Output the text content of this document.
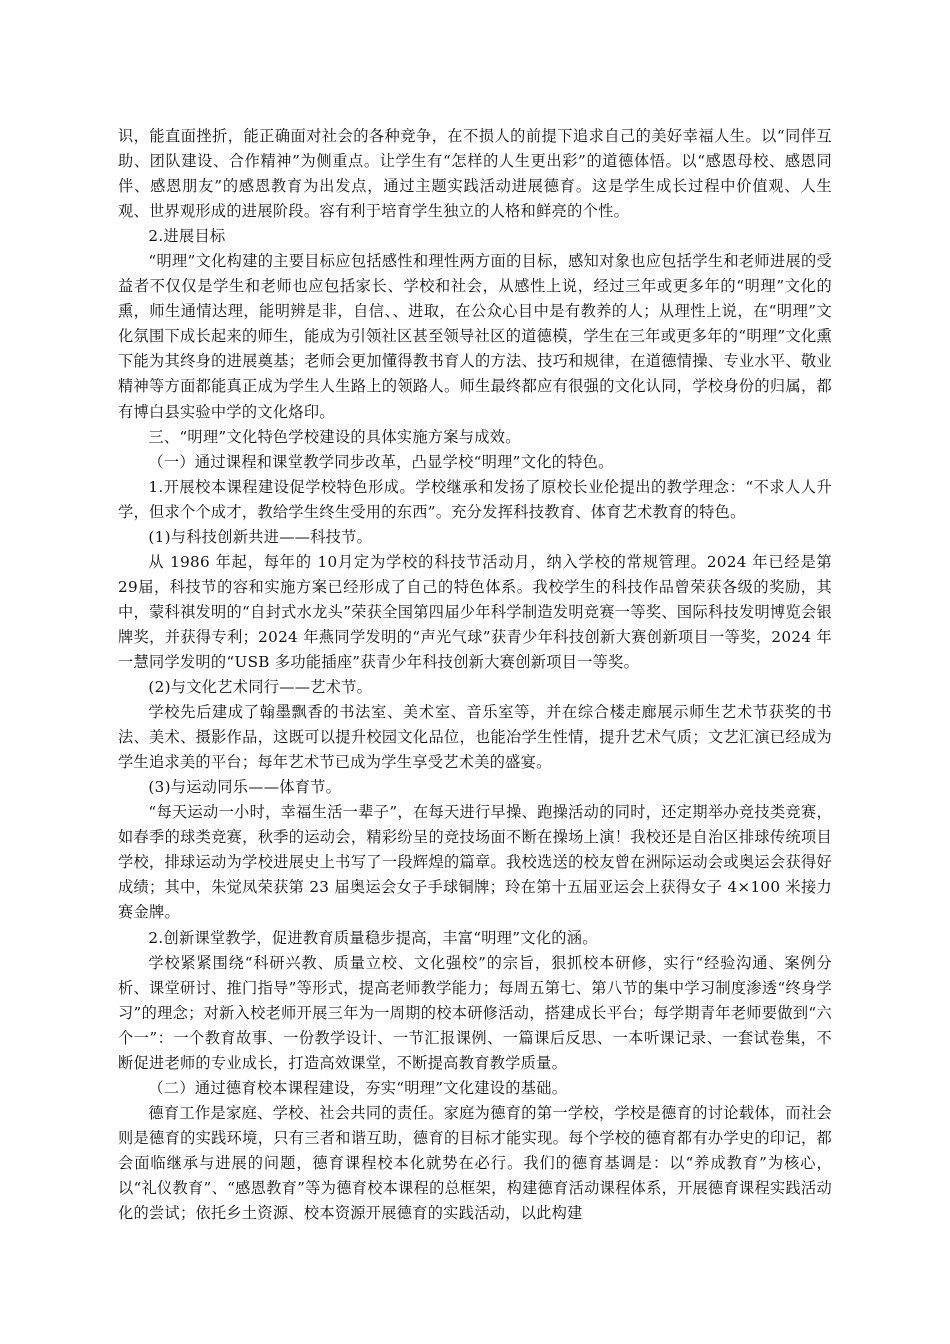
识，能直面挫折，能正确面对社会的各种竞争，在不损人的前提下追求自己的美好幸福人生。以“同伴互助、团队建设、合作精神”为侧重点。让学生有“怎样的人生更出彩”的道德体悟。以“感恩母校、感恩同伴、感恩朋友”的感恩教育为出发点，通过主题实践活动进展德育。这是学生成长过程中价值观、人生观、世界观形成的进展阶段。容有利于培育学生独立的人格和鲜亮的个性。

2.进展目标

“明理”文化构建的主要目标应包括感性和理性两方面的目标，感知对象也应包括学生和老师进展的受益者不仅仅是学生和老师也应包括家长、学校和社会，从感性上说，经过三年或更多年的“明理”文化的熏，师生通情达理，能明辨是非，自信、、进取，在公众心目中是有教养的人；从理性上说，在“明理”文化氛围下成长起来的师生，能成为引领社区甚至领导社区的道德模，学生在三年或更多年的“明理”文化熏下能为其终身的进展奠基；老师会更加懂得教书育人的方法、技巧和规律，在道德情操、专业水平、敬业精神等方面都能真正成为学生人生路上的领路人。师生最终都应有很强的文化认同，学校身份的归属，都有博白县实验中学的文化烙印。

三、“明理”文化特色学校建设的具体实施方案与成效。

（一）通过课程和课堂教学同步改革，凸显学校“明理”文化的特色。

1.开展校本课程建设促学校特色形成。学校继承和发扬了原校长业伦提出的教学理念：“不求人人升学，但求个个成才，教给学生终生受用的东西”。充分发挥科技教育、体育艺术教育的特色。

(1)与科技创新共进——科技节。

从 1986 年起，每年的 10月定为学校的科技节活动月，纳入学校的常规管理。2024 年已经是第 29届，科技节的容和实施方案已经形成了自己的特色体系。我校学生的科技作品曾荣获各级的奖励，其中，蒙科祺发明的“自封式水龙头”荣获全国第四届少年科学制造发明竞赛一等奖、国际科技发明博览会银牌奖，并获得专利；2024 年燕同学发明的“声光气球”获青少年科技创新大赛创新项目一等奖，2024 年一慧同学发明的“USB 多功能插座”获青少年科技创新大赛创新项目一等奖。

(2)与文化艺术同行——艺术节。

学校先后建成了翰墨飘香的书法室、美术室、音乐室等，并在综合楼走廊展示师生艺术节获奖的书法、美术、摄影作品，这既可以提升校园文化品位，也能冶学生性情，提升艺术气质；文艺汇演已经成为学生追求美的平台；每年艺术节已成为学生享受艺术美的盛宴。

(3)与运动同乐——体育节。

“每天运动一小时，幸福生活一辈子”，在每天进行早操、跑操活动的同时，还定期举办竞技类竞赛，如春季的球类竞赛，秋季的运动会，精彩纷呈的竞技场面不断在操场上演！我校还是自治区排球传统项目学校，排球运动为学校进展史上书写了一段辉煌的篇章。我校选送的校友曾在洲际运动会或奥运会获得好成绩；其中，朱觉凤荣获第 23 届奥运会女子手球铜牌；玲在第十五届亚运会上获得女子 4×100 米接力赛金牌。

2.创新课堂教学，促进教育质量稳步提高，丰富“明理”文化的涵。

学校紧紧围绕“科研兴教、质量立校、文化强校”的宗旨，狠抓校本研修，实行“经验沟通、案例分析、课堂研讨、推门指导”等形式，提高老师教学能力；每周五第七、第八节的集中学习制度渗透“终身学习”的理念；对新入校老师开展三年为一周期的校本研修活动，搭建成长平台；每学期青年老师要做到“六个一”：一个教育故事、一份教学设计、一节汇报课例、一篇课后反思、一本听课记录、一套试卷集，不断促进老师的专业成长，打造高效课堂，不断提高教育教学质量。

（二）通过德育校本课程建设，夯实“明理”文化建设的基础。

德育工作是家庭、学校、社会共同的责任。家庭为德育的第一学校，学校是德育的讨论载体，而社会则是德育的实践环境，只有三者和谐互助，德育的目标才能实现。每个学校的德育都有办学史的印记，都会面临继承与进展的问题，德育课程校本化就势在必行。我们的德育基调是：以“养成教育”为核心，以“礼仪教育”、“感恩教育”等为德育校本课程的总框架，构建德育活动课程体系，开展德育课程实践活动化的尝试；依托乡土资源、校本资源开展德育的实践活动，以此构建
